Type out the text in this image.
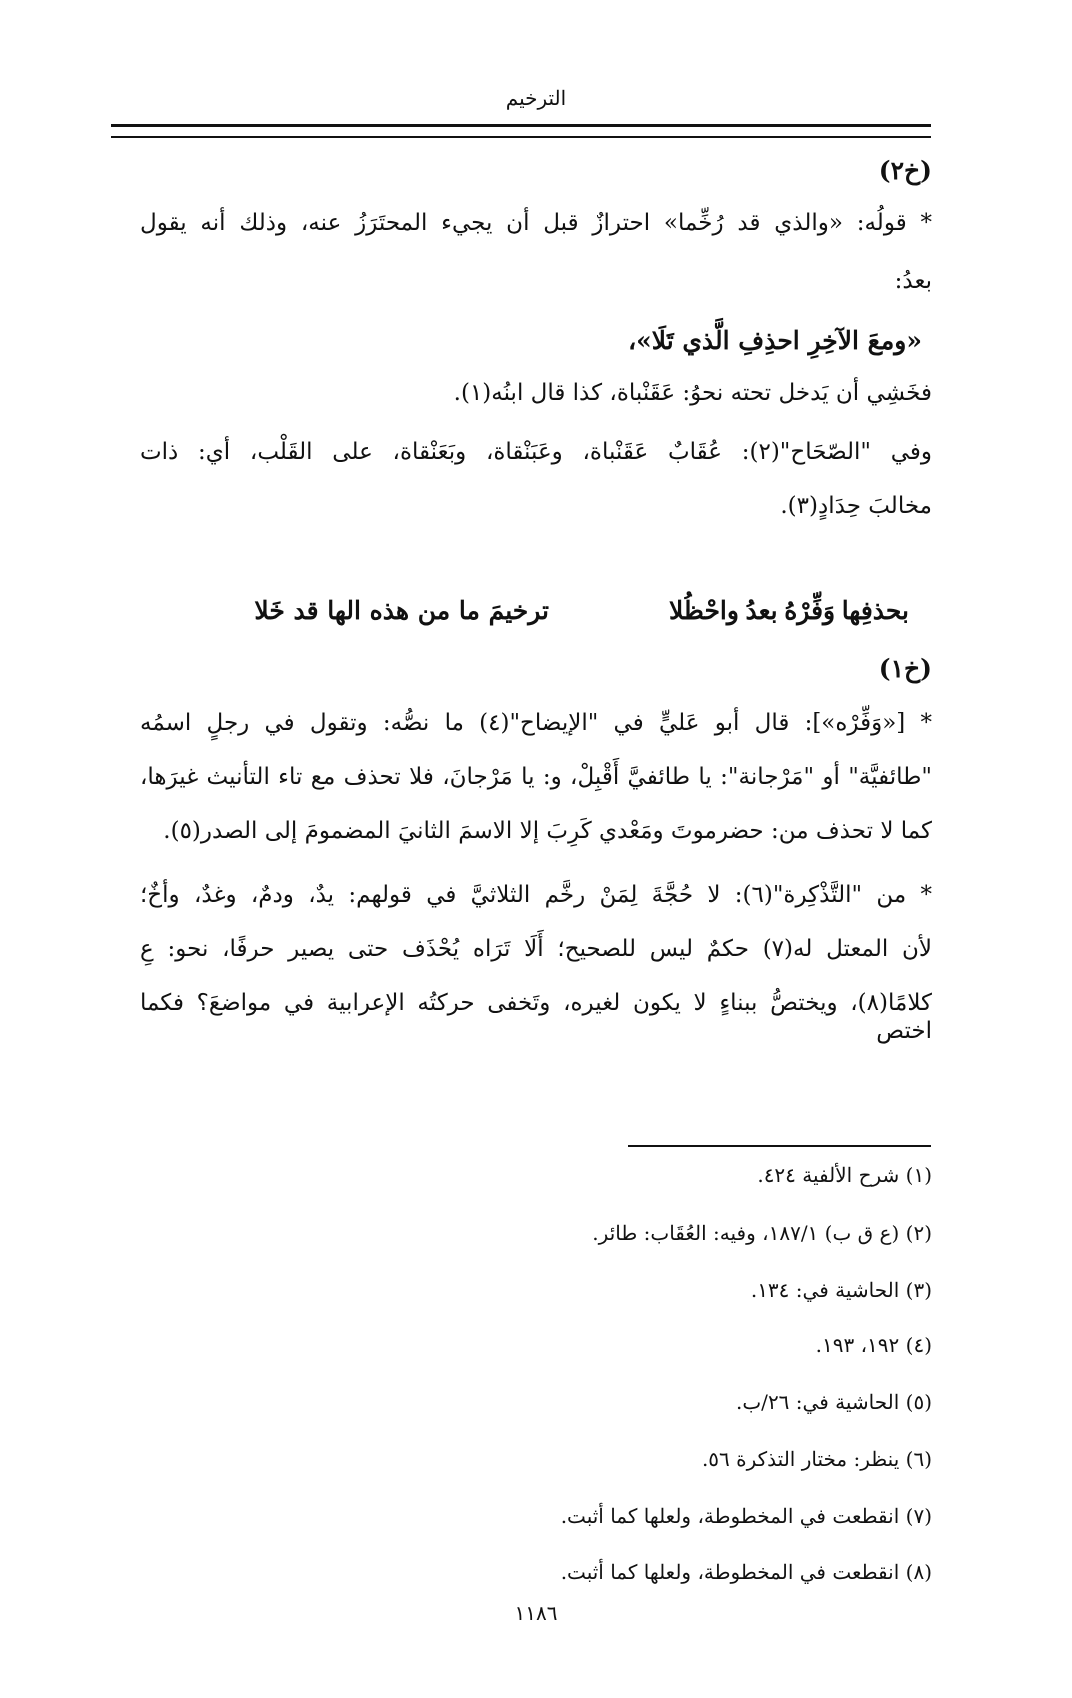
الترخيم
(خ٢)
* قولُه: «والذي قد رُخِّما» احترازٌ قبل أن يجيء المحتَرَزُ عنه، وذلك أنه يقول
بعدُ:
«ومعَ الآخِرِ احذِفِ الَّذي تَلَا»،
فخَشِي أن يَدخل تحته نحوُ: عَقَنْباة، كذا قال ابنُه(١).
وفي "الصّحَاح"(٢): عُقَابٌ عَقَنْباة، وعَبَنْقاة، وبَعَنْقاة، على القَلْب، أي: ذات
مخالبَ حِدَادٍ(٣).
بحذفِها
وَفِّرْهُ
بعدُ
واحْظُلا
ترخيمَ ما من هذه الها قد خَلا
(خ١)
* [«وَفِّرْه»]: قال أبو عَليٍّ في "الإيضاح"(٤) ما نصُّه: وتقول في رجلٍ اسمُه
"طائفيَّة" أو "مَرْجانة": يا طائفيَّ أَقْبِلْ، و: يا مَرْجانَ، فلا تحذف مع تاء التأنيث غيرَها،
كما لا تحذف من: حضرموتَ ومَعْدي كَرِبَ إلا الاسمَ الثانيَ المضمومَ إلى الصدر(٥).
* من "التَّذْكِرة"(٦): لا حُجَّةَ لِمَنْ رخَّم الثلاثيَّ في قولهم: يدٌ، ودمٌ، وغدٌ، وأخٌ؛
لأن المعتل له(٧) حكمٌ ليس للصحيح؛ أَلَا تَرَاه يُحْذَف حتى يصير حرفًا، نحو: عِ
كلامًا(٨)، ويختصُّ ببناءٍ لا يكون لغيره، وتَخفى حركتُه الإعرابية في مواضعَ؟ فكما اختص
(١) شرح الألفية ٤٢٤.
(٢) (ع ق ب) ١٨٧/١، وفيه: العُقَاب: طائر.
(٣) الحاشية في: ١٣٤.
(٤) ١٩٢، ١٩٣.
(٥) الحاشية في: ٢٦/ب.
(٦) ينظر: مختار التذكرة ٥٦.
(٧) انقطعت في المخطوطة، ولعلها كما أثبت.
(٨) انقطعت في المخطوطة، ولعلها كما أثبت.
١١٨٦
